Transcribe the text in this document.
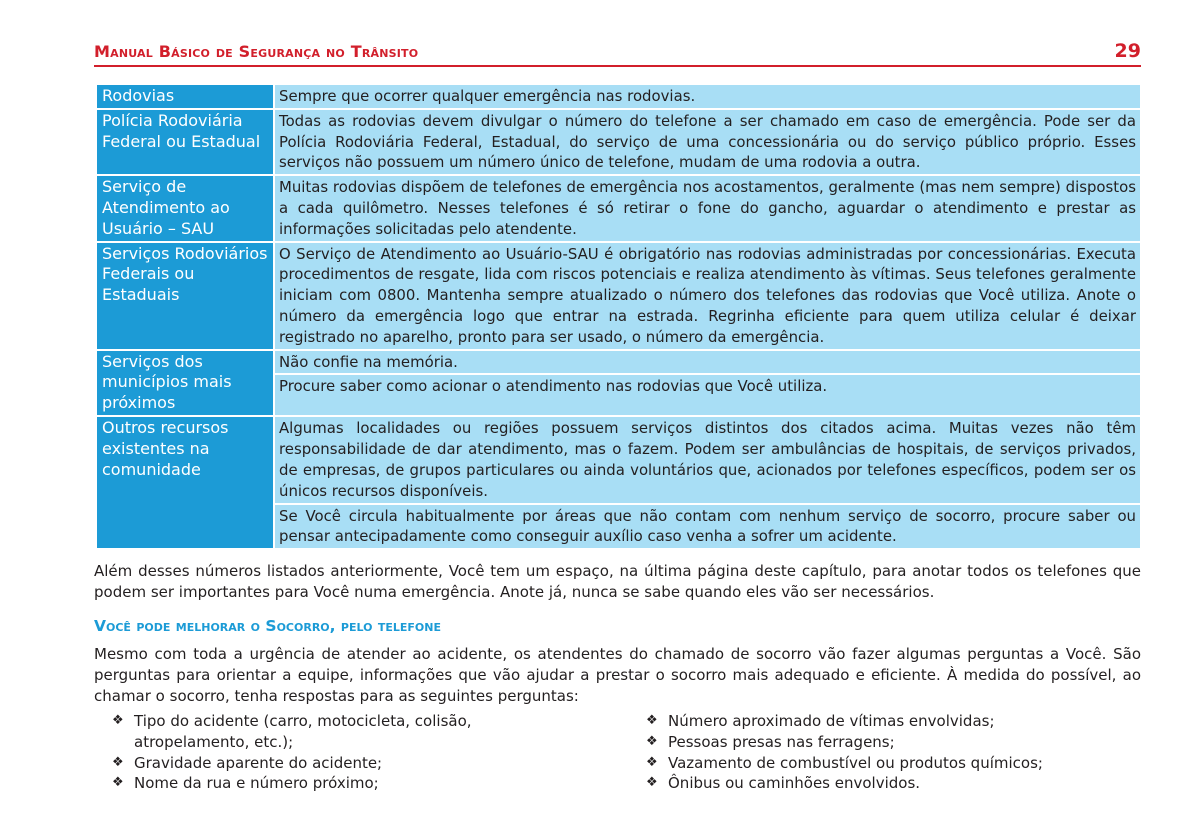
Manual Básico de Segurança no Trânsito	29
Rodovias	Sempre que ocorrer qualquer emergência nas rodovias.
Polícia Rodoviária Federal ou Estadual	Todas as rodovias devem divulgar o número do telefone a ser chamado em caso de emergência. Pode ser da Polícia Rodoviária Federal, Estadual, do serviço de uma concessionária ou do serviço público próprio. Esses serviços não possuem um número único de telefone, mudam de uma rodovia a outra.
Serviço de Atendimento ao Usuário – SAU	Muitas rodovias dispõem de telefones de emergência nos acostamentos, geralmente (mas nem sempre) dispostos a cada quilômetro. Nesses telefones é só retirar o fone do gancho, aguardar o atendimento e prestar as informações solicitadas pelo atendente.
Serviços Rodoviários Federais ou Estaduais	O Serviço de Atendimento ao Usuário-SAU é obrigatório nas rodovias administradas por concessionárias. Executa procedimentos de resgate, lida com riscos potenciais e realiza atendimento às vítimas. Seus telefones geralmente iniciam com 0800. Mantenha sempre atualizado o número dos telefones das rodovias que Você utiliza. Anote o número da emergência logo que entrar na estrada. Regrinha eficiente para quem utiliza celular é deixar registrado no aparelho, pronto para ser usado, o número da emergência.
Serviços dos municípios mais próximos	Não confie na memória.
	Procure saber como acionar o atendimento nas rodovias que Você utiliza.
Outros recursos existentes na comunidade	Algumas localidades ou regiões possuem serviços distintos dos citados acima. Muitas vezes não têm responsabilidade de dar atendimento, mas o fazem. Podem ser ambulâncias de hospitais, de serviços privados, de empresas, de grupos particulares ou ainda voluntários que, acionados por telefones específicos, podem ser os únicos recursos disponíveis.
	Se Você circula habitualmente por áreas que não contam com nenhum serviço de socorro, procure saber ou pensar antecipadamente como conseguir auxílio caso venha a sofrer um acidente.

Além desses números listados anteriormente, Você tem um espaço, na última página deste capítulo, para anotar todos os telefones que podem ser importantes para Você numa emergência. Anote já, nunca se sabe quando eles vão ser necessários.

Você pode melhorar o Socorro, pelo telefone

Mesmo com toda a urgência de atender ao acidente, os atendentes do chamado de socorro vão fazer algumas perguntas a Você. São perguntas para orientar a equipe, informações que vão ajudar a prestar o socorro mais adequado e eficiente. À medida do possível, ao chamar o socorro, tenha respostas para as seguintes perguntas:

❖ Tipo do acidente (carro, motocicleta, colisão, atropelamento, etc.);
❖ Gravidade aparente do acidente;
❖ Nome da rua e número próximo;
❖ Número aproximado de vítimas envolvidas;
❖ Pessoas presas nas ferragens;
❖ Vazamento de combustível ou produtos químicos;
❖ Ônibus ou caminhões envolvidos.
